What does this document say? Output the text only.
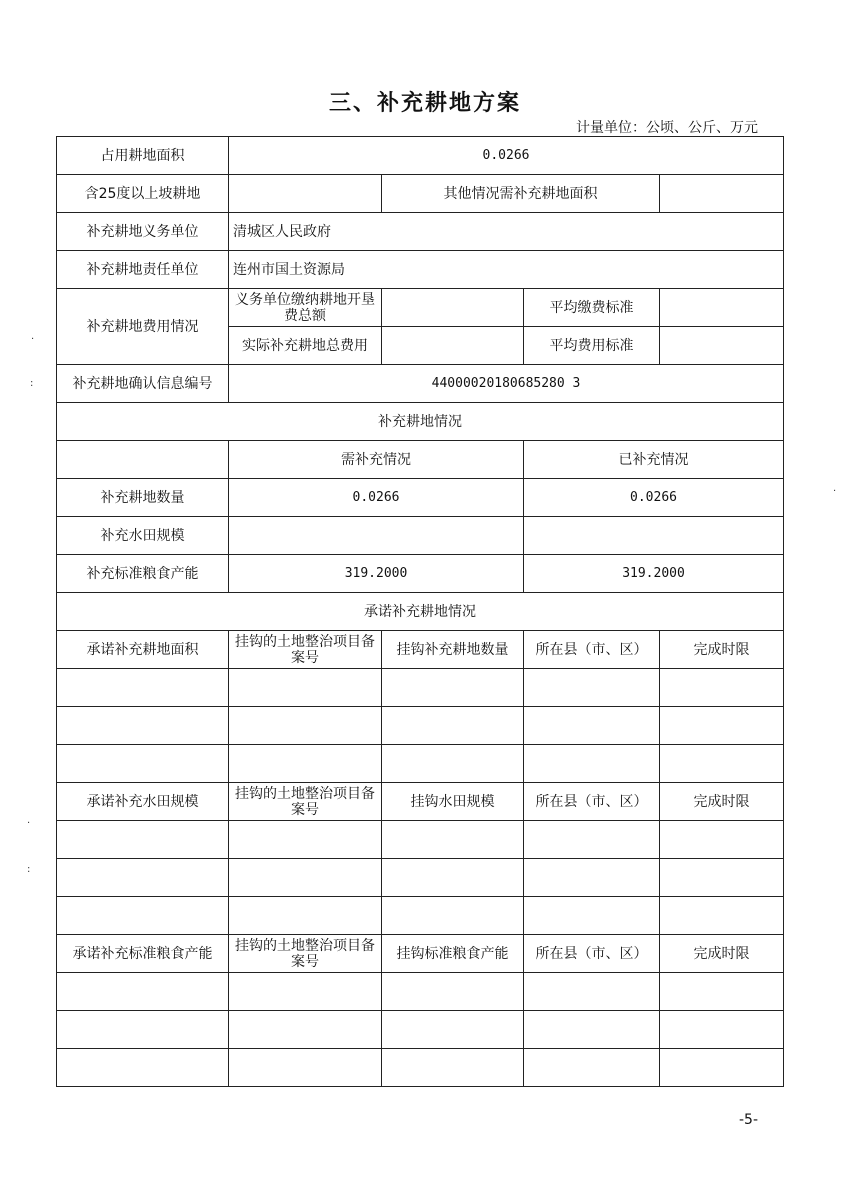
三、补充耕地方案
计量单位：公顷、公斤、万元
占用耕地面积	0.0266			
含25度以上坡耕地		其他情况需补充耕地面积		
补充耕地义务单位	清城区人民政府			
补充耕地责任单位	连州市国土资源局			
补充耕地费用情况	义务单位缴纳耕地开垦费总额		平均缴费标准	
	实际补充耕地总费用		平均费用标准	
补充耕地确认信息编号	44000020180685280 3			
补充耕地情况				
	需补充情况		已补充情况	
补充耕地数量	0.0266		0.0266	
补充水田规模				
补充标准粮食产能	319.2000		319.2000	
承诺补充耕地情况				
承诺补充耕地面积	挂钩的土地整治项目备案号	挂钩补充耕地数量	所在县（市、区）	完成时限

承诺补充水田规模	挂钩的土地整治项目备案号	挂钩水田规模	所在县（市、区）	完成时限

承诺补充标准粮食产能	挂钩的土地整治项目备案号	挂钩标准粮食产能	所在县（市、区）	完成时限

-5-
·
:
·
:
·
